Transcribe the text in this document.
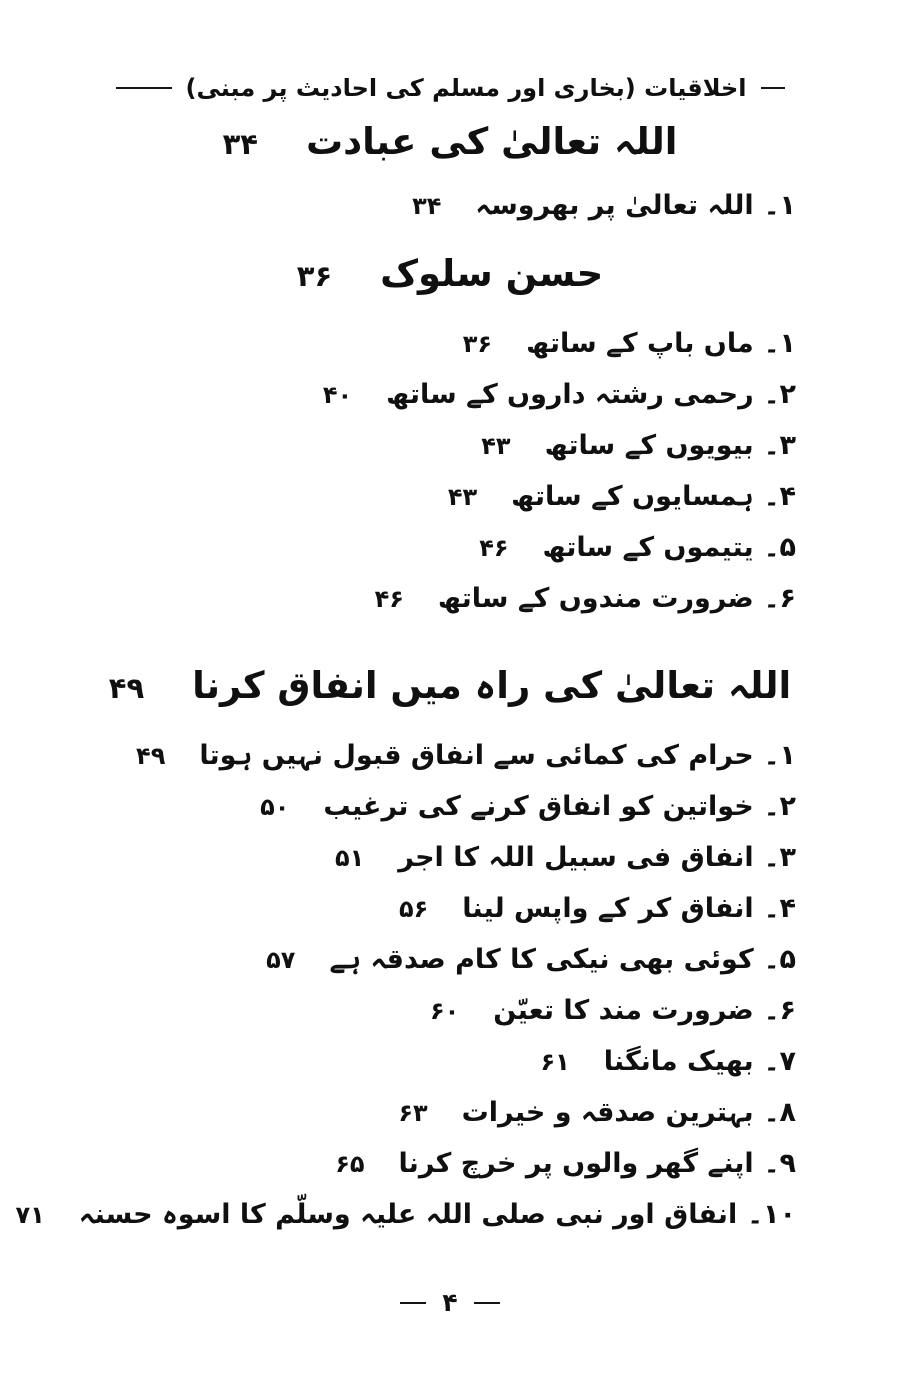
اخلاقیات (بخاری اور مسلم کی احادیث پر مبنی)
اللہ تعالیٰ کی عبادت
۳۴
۱۔
اللہ تعالیٰ پر بھروسہ
۳۴
حسن سلوک
۳۶
۱۔
ماں باپ کے ساتھ
۳۶
۲۔
رحمی رشتہ داروں کے ساتھ
۴۰
۳۔
بیویوں کے ساتھ
۴۳
۴۔
ہمسایوں کے ساتھ
۴۳
۵۔
یتیموں کے ساتھ
۴۶
۶۔
ضرورت مندوں کے ساتھ
۴۶
اللہ تعالیٰ کی راہ میں انفاق کرنا
۴۹
۱۔
حرام کی کمائی سے انفاق قبول نہیں ہوتا
۴۹
۲۔
خواتین کو انفاق کرنے کی ترغیب
۵۰
۳۔
انفاق فی سبیل اللہ کا اجر
۵۱
۴۔
انفاق کر کے واپس لینا
۵۶
۵۔
کوئی بھی نیکی کا کام صدقہ ہے
۵۷
۶۔
ضرورت مند کا تعیّن
۶۰
۷۔
بھیک مانگنا
۶۱
۸۔
بہترین صدقہ و خیرات
۶۳
۹۔
اپنے گھر والوں پر خرچ کرنا
۶۵
۱۰۔
انفاق اور نبی صلی اللہ علیہ وسلّم کا اسوہ حسنہ
۷۱
۴
